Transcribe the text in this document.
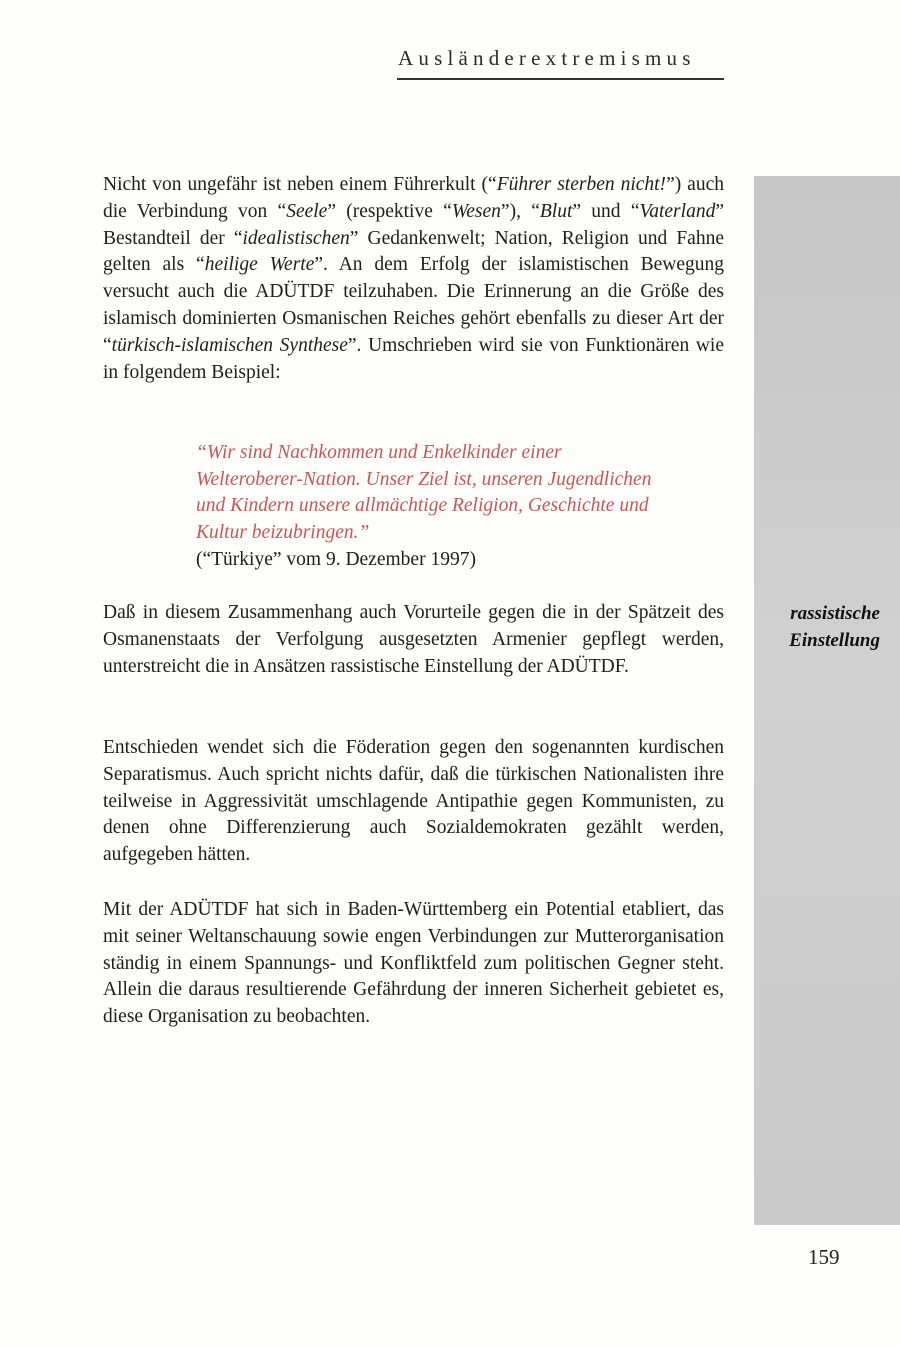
Ausländerextremismus

Nicht von ungefähr ist neben einem Führerkult (“Führer sterben nicht!”) auch die Verbindung von “Seele” (respektive “Wesen”), “Blut” und “Vaterland” Bestandteil der “idealistischen” Gedankenwelt; Nation, Religion und Fahne gelten als “heilige Werte”. An dem Erfolg der islamistischen Bewegung versucht auch die ADÜTDF teilzuhaben. Die Erinnerung an die Größe des islamisch dominierten Osmanischen Reiches gehört ebenfalls zu dieser Art der “türkisch-islamischen Synthese”. Umschrieben wird sie von Funktionären wie in folgendem Beispiel:

“Wir sind Nachkommen und Enkelkinder einer Welteroberer-Nation. Unser Ziel ist, unseren Jugendlichen und Kindern unsere allmächtige Religion, Geschichte und Kultur beizubringen.”

(“Türkiye” vom 9. Dezember 1997)

Daß in diesem Zusammenhang auch Vorurteile gegen die in der Spätzeit des Osmanenstaats der Verfolgung ausgesetzten Armenier gepflegt werden, unterstreicht die in Ansätzen rassistische Einstellung der ADÜTDF.

rassistische
Einstellung

Entschieden wendet sich die Föderation gegen den sogenannten kurdischen Separatismus. Auch spricht nichts dafür, daß die türkischen Nationalisten ihre teilweise in Aggressivität umschlagende Antipathie gegen Kommunisten, zu denen ohne Differenzierung auch Sozialdemokraten gezählt werden, aufgegeben hätten.

Mit der ADÜTDF hat sich in Baden-Württemberg ein Potential etabliert, das mit seiner Weltanschauung sowie engen Verbindungen zur Mutterorganisation ständig in einem Spannungs- und Konfliktfeld zum politischen Gegner steht. Allein die daraus resultierende Gefährdung der inneren Sicherheit gebietet es, diese Organisation zu beobachten.

159
